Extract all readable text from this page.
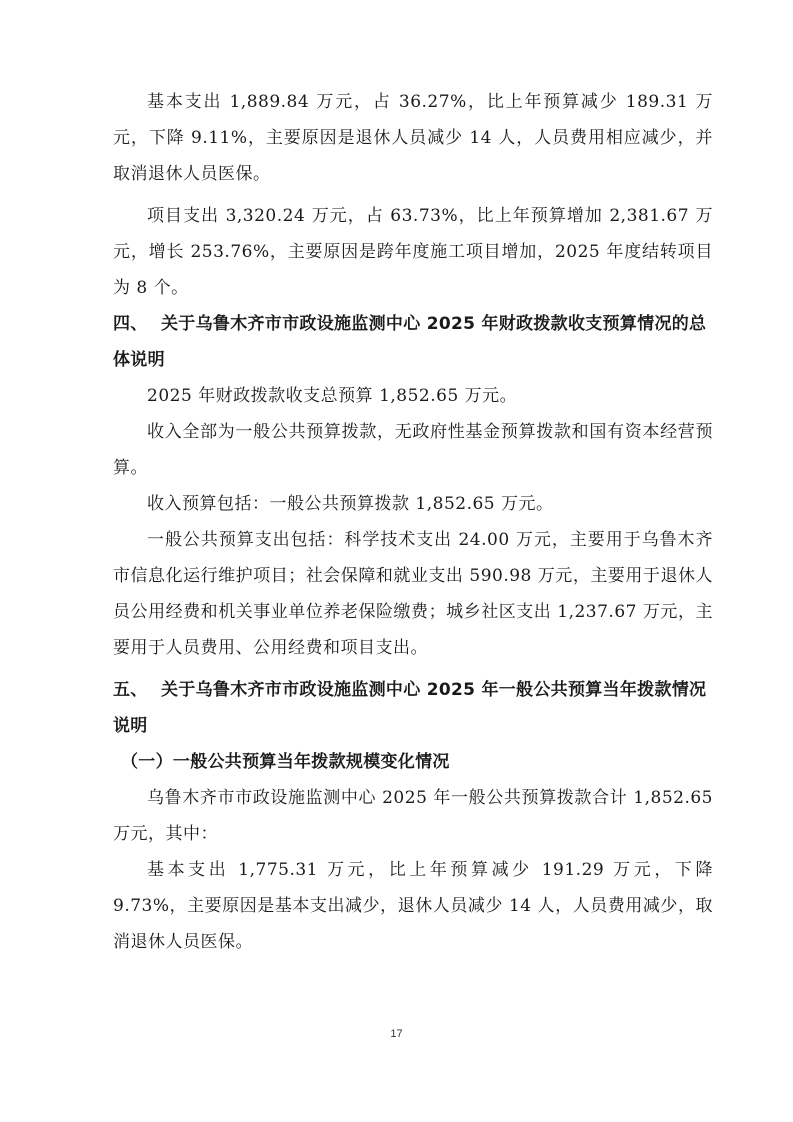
基本支出 1,889.84 万元，占 36.27%，比上年预算减少 189.31 万元，下降 9.11%，主要原因是退休人员减少 14 人，人员费用相应减少，并取消退休人员医保。

项目支出 3,320.24 万元，占 63.73%，比上年预算增加 2,381.67 万元，增长 253.76%，主要原因是跨年度施工项目增加，2025 年度结转项目为 8 个。

四、 关于乌鲁木齐市市政设施监测中心 2025 年财政拨款收支预算情况的总体说明

2025 年财政拨款收支总预算 1,852.65 万元。

收入全部为一般公共预算拨款，无政府性基金预算拨款和国有资本经营预算。

收入预算包括：一般公共预算拨款 1,852.65 万元。

一般公共预算支出包括：科学技术支出 24.00 万元，主要用于乌鲁木齐市信息化运行维护项目；社会保障和就业支出 590.98 万元，主要用于退休人员公用经费和机关事业单位养老保险缴费；城乡社区支出 1,237.67 万元，主要用于人员费用、公用经费和项目支出。

五、 关于乌鲁木齐市市政设施监测中心 2025 年一般公共预算当年拨款情况说明

（一）一般公共预算当年拨款规模变化情况

乌鲁木齐市市政设施监测中心 2025 年一般公共预算拨款合计 1,852.65 万元，其中：

基本支出 1,775.31 万元，比上年预算减少 191.29 万元，下降 9.73%，主要原因是基本支出减少，退休人员减少 14 人，人员费用减少，取消退休人员医保。

17
